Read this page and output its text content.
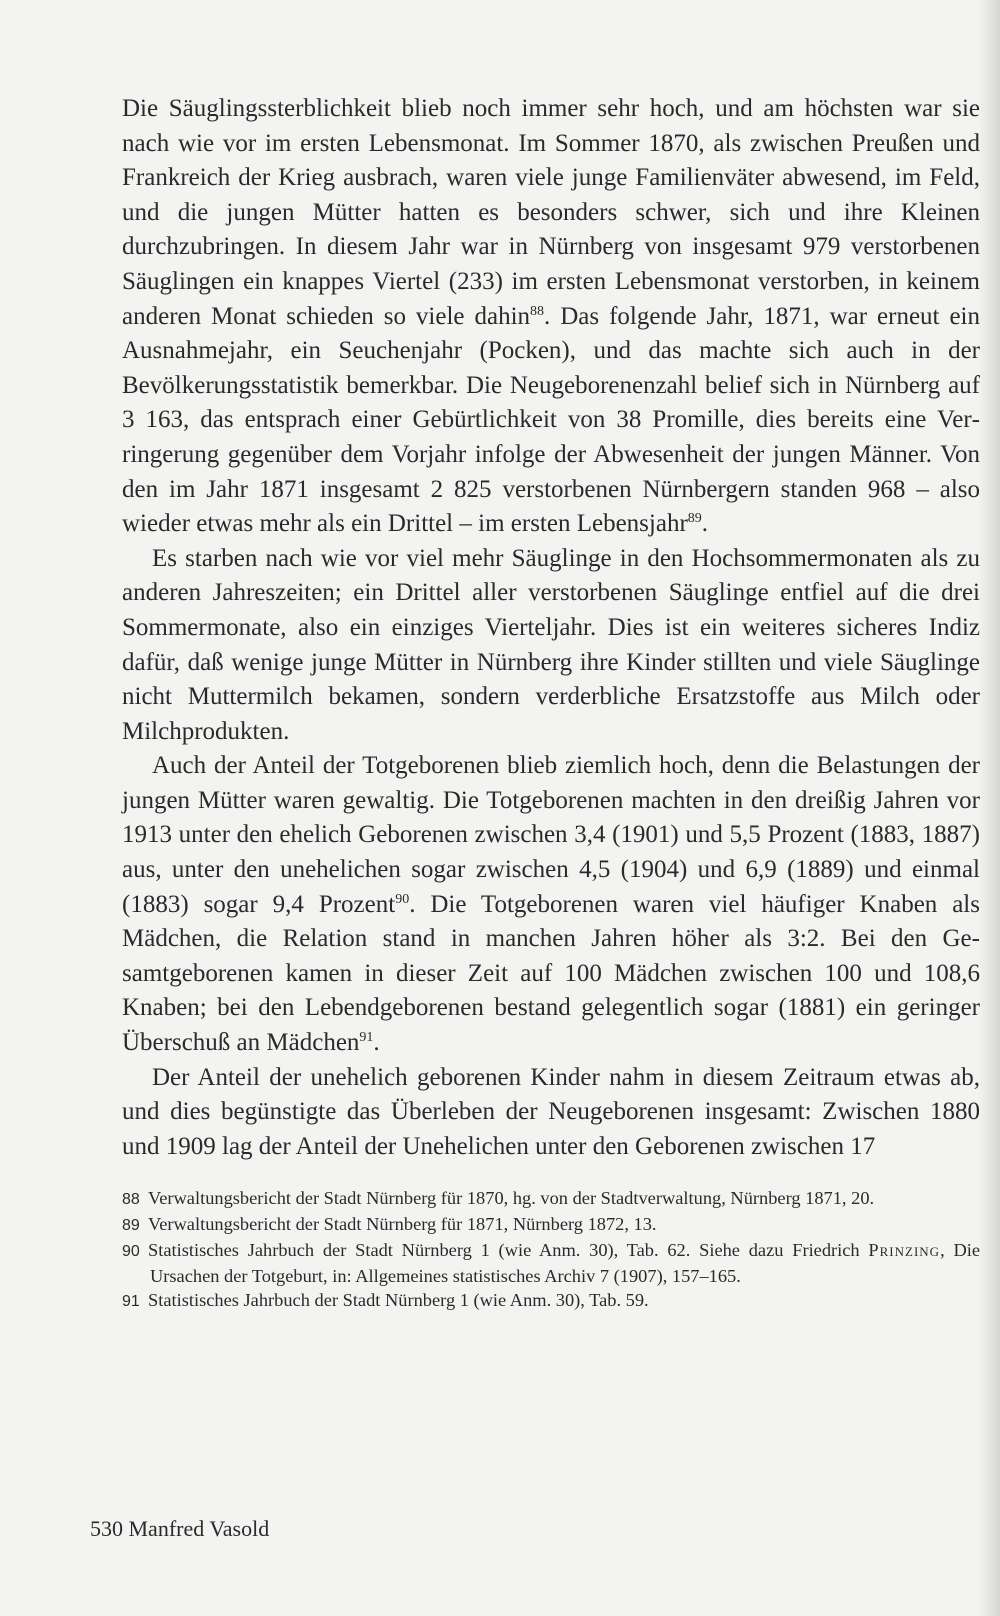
Die Säuglingssterblichkeit blieb noch immer sehr hoch, und am höchsten war sie nach wie vor im ersten Lebensmonat. Im Sommer 1870, als zwischen Preußen und Frankreich der Krieg ausbrach, waren viele junge Familienväter abwesend, im Feld, und die jungen Mütter hatten es besonders schwer, sich und ihre Kleinen durchzubringen. In diesem Jahr war in Nürnberg von insgesamt 979 verstorbenen Säuglingen ein knappes Viertel (233) im ersten Lebensmonat verstorben, in keinem anderen Monat schieden so viele dahin$^{88}$. Das folgende Jahr, 1871, war erneut ein Ausnahmejahr, ein Seuchenjahr (Pocken), und das machte sich auch in der Bevölkerungsstatistik bemerkbar. Die Neugeborenenzahl belief sich in Nürnberg auf 3 163, das entsprach einer Gebürtlichkeit von 38 Promille, dies bereits eine Verringerung gegenüber dem Vorjahr infolge der Abwesenheit der jungen Männer. Von den im Jahr 1871 insgesamt 2 825 verstorbenen Nürnbergern standen 968 – also wieder etwas mehr als ein Drittel – im ersten Lebensjahr$^{89}$.

Es starben nach wie vor viel mehr Säuglinge in den Hochsommermonaten als zu anderen Jahreszeiten; ein Drittel aller verstorbenen Säuglinge entfiel auf die drei Sommermonate, also ein einziges Vierteljahr. Dies ist ein weiteres sicheres Indiz dafür, daß wenige junge Mütter in Nürnberg ihre Kinder stillten und viele Säuglinge nicht Muttermilch bekamen, sondern verderbliche Ersatzstoffe aus Milch oder Milchprodukten.

Auch der Anteil der Totgeborenen blieb ziemlich hoch, denn die Belastungen der jungen Mütter waren gewaltig. Die Totgeborenen machten in den dreißig Jahren vor 1913 unter den ehelich Geborenen zwischen 3,4 (1901) und 5,5 Prozent (1883, 1887) aus, unter den unehelichen sogar zwischen 4,5 (1904) und 6,9 (1889) und einmal (1883) sogar 9,4 Prozent$^{90}$. Die Totgeborenen waren viel häufiger Knaben als Mädchen, die Relation stand in manchen Jahren höher als 3:2. Bei den Gesamtgeborenen kamen in dieser Zeit auf 100 Mädchen zwischen 100 und 108,6 Knaben; bei den Lebendgeborenen bestand gelegentlich sogar (1881) ein geringer Überschuß an Mädchen$^{91}$.

Der Anteil der unehelich geborenen Kinder nahm in diesem Zeitraum etwas ab, und dies begünstigte das Überleben der Neugeborenen insgesamt: Zwischen 1880 und 1909 lag der Anteil der Unehelichen unter den Geborenen zwischen 17

88 Verwaltungsbericht der Stadt Nürnberg für 1870, hg. von der Stadtverwaltung, Nürnberg 1871, 20.

89 Verwaltungsbericht der Stadt Nürnberg für 1871, Nürnberg 1872, 13.

90 Statistisches Jahrbuch der Stadt Nürnberg 1 (wie Anm. 30), Tab. 62. Siehe dazu Friedrich Prinzing, Die Ursachen der Totgeburt, in: Allgemeines statistisches Archiv 7 (1907), 157–165.

91 Statistisches Jahrbuch der Stadt Nürnberg 1 (wie Anm. 30), Tab. 59.

530 Manfred Vasold
